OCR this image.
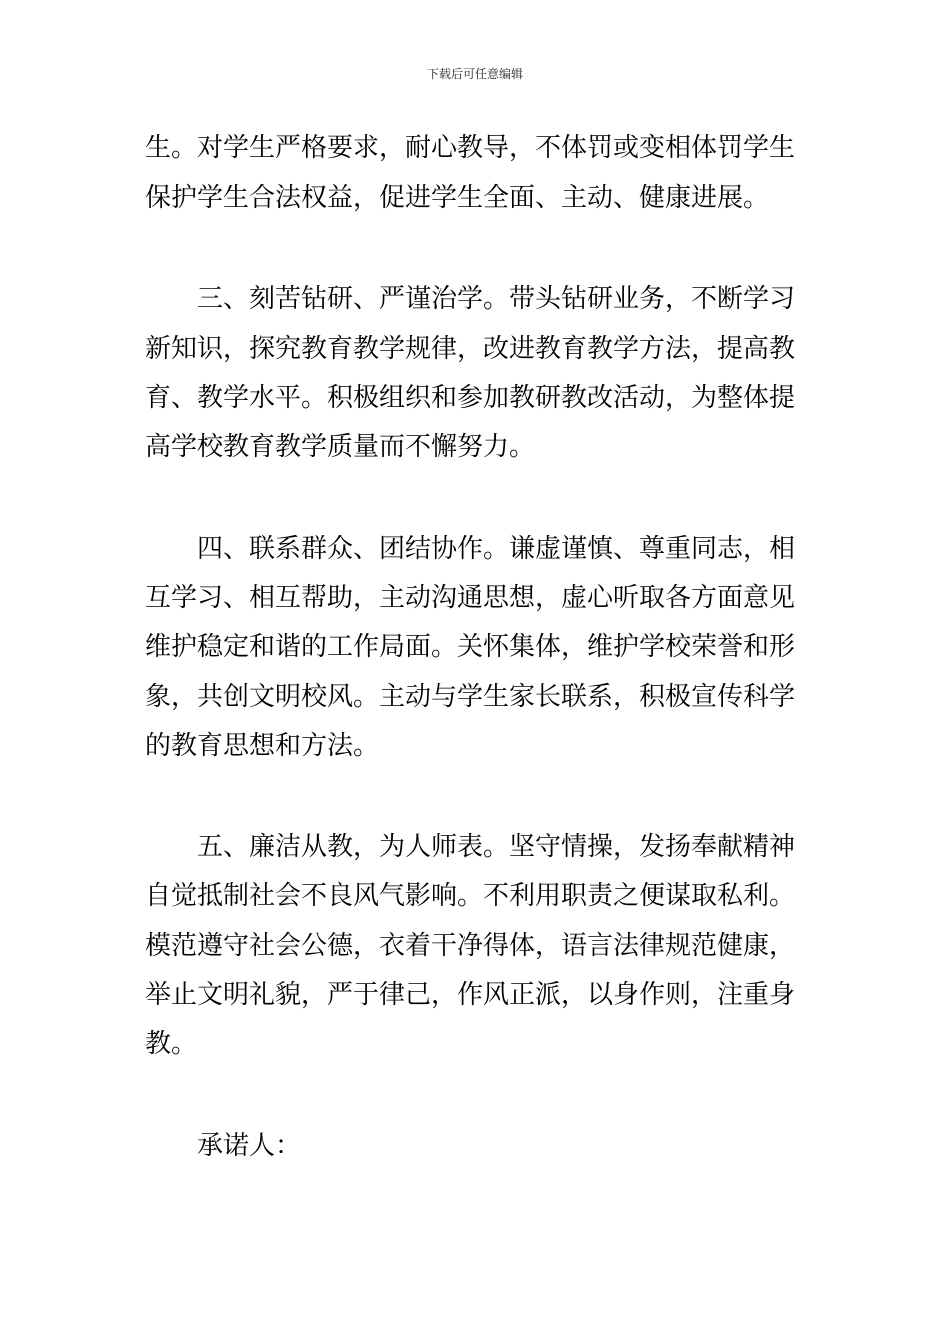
下载后可任意编辑
生。对学生严格要求，耐心教导，不体罚或变相体罚学生
保护学生合法权益，促进学生全面、主动、健康进展。
三、刻苦钻研、严谨治学。带头钻研业务，不断学习
新知识，探究教育教学规律，改进教育教学方法，提高教
育、教学水平。积极组织和参加教研教改活动，为整体提
高学校教育教学质量而不懈努力。
四、联系群众、团结协作。谦虚谨慎、尊重同志，相
互学习、相互帮助，主动沟通思想，虚心听取各方面意见
维护稳定和谐的工作局面。关怀集体，维护学校荣誉和形
象，共创文明校风。主动与学生家长联系，积极宣传科学
的教育思想和方法。
五、廉洁从教，为人师表。坚守情操，发扬奉献精神
自觉抵制社会不良风气影响。不利用职责之便谋取私利。
模范遵守社会公德，衣着干净得体，语言法律规范健康，
举止文明礼貌，严于律己，作风正派，以身作则，注重身
教。
承诺人：
